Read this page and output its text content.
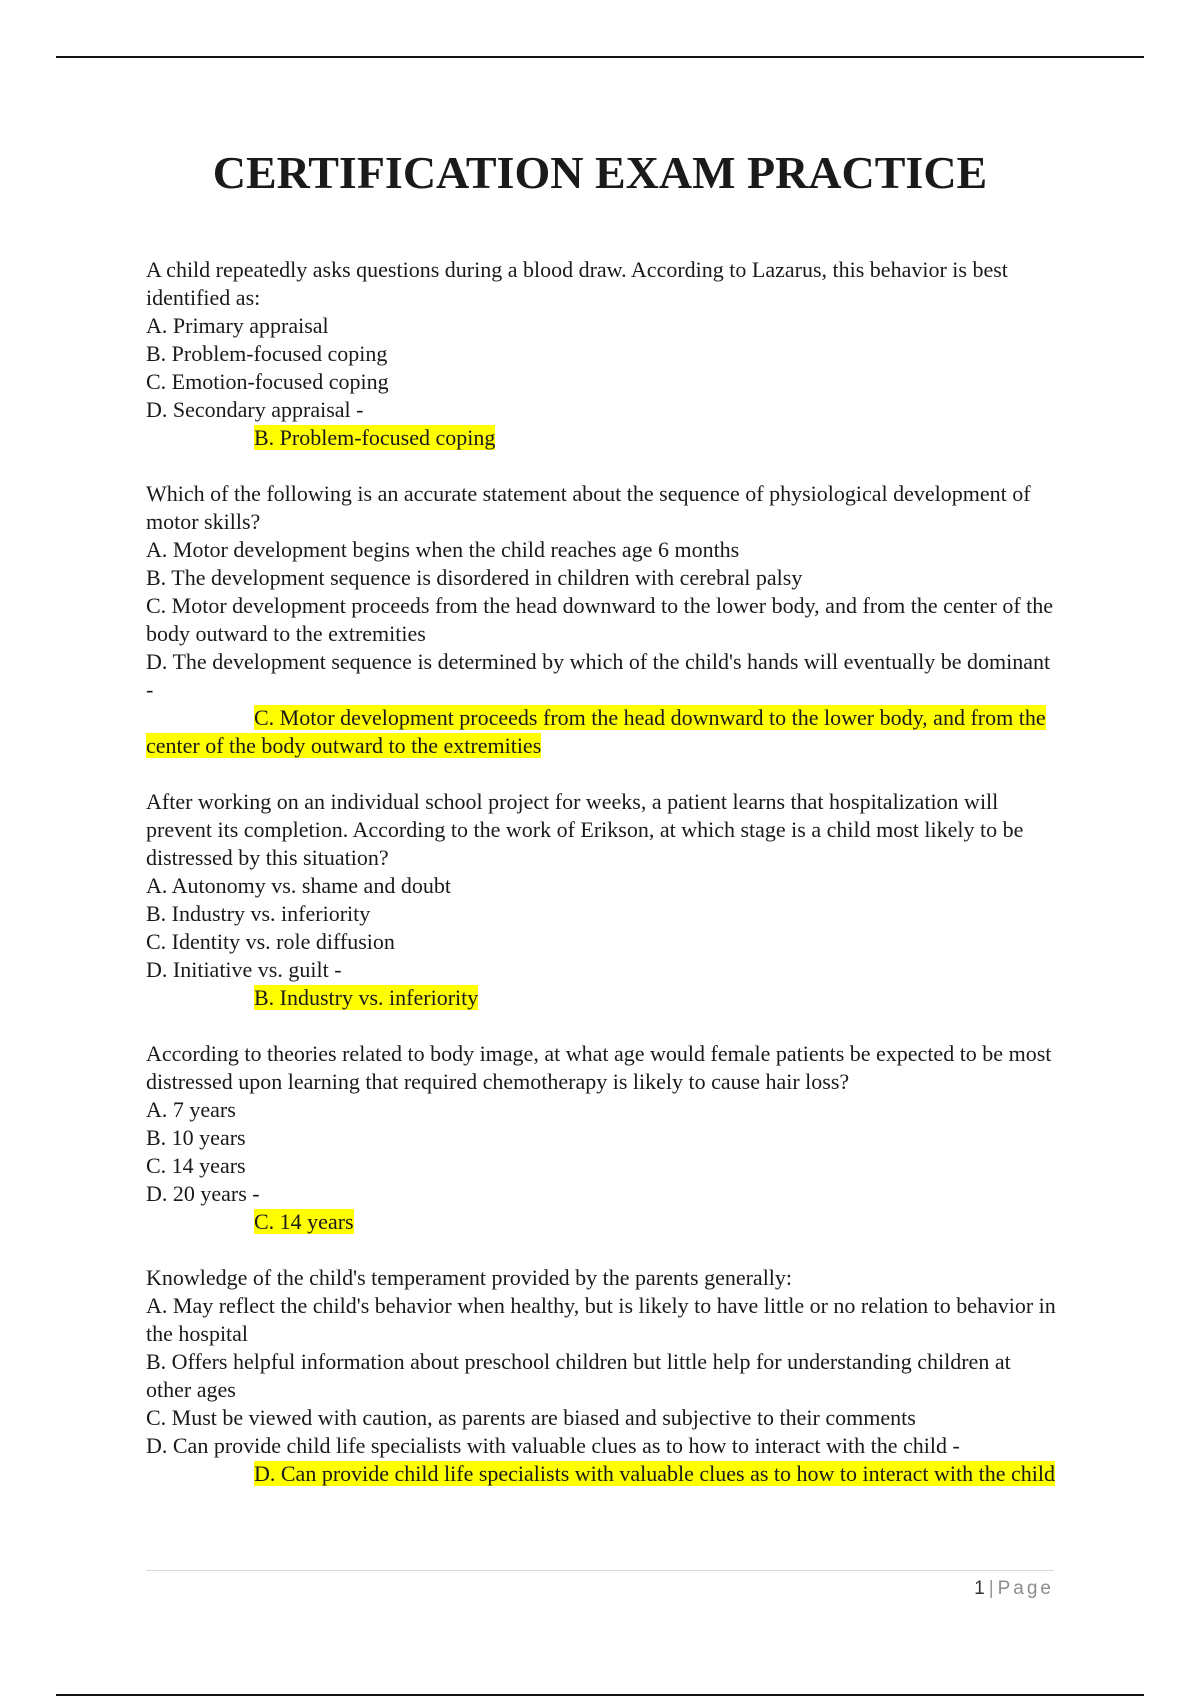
CERTIFICATION EXAM PRACTICE
A child repeatedly asks questions during a blood draw. According to Lazarus, this behavior is best identified as:
A. Primary appraisal
B. Problem-focused coping
C. Emotion-focused coping
D. Secondary appraisal -
B. Problem-focused coping
Which of the following is an accurate statement about the sequence of physiological development of motor skills?
A. Motor development begins when the child reaches age 6 months
B. The development sequence is disordered in children with cerebral palsy
C. Motor development proceeds from the head downward to the lower body, and from the center of the body outward to the extremities
D. The development sequence is determined by which of the child's hands will eventually be dominant -
C. Motor development proceeds from the head downward to the lower body, and from the center of the body outward to the extremities
After working on an individual school project for weeks, a patient learns that hospitalization will prevent its completion. According to the work of Erikson, at which stage is a child most likely to be distressed by this situation?
A. Autonomy vs. shame and doubt
B. Industry vs. inferiority
C. Identity vs. role diffusion
D. Initiative vs. guilt -
B. Industry vs. inferiority
According to theories related to body image, at what age would female patients be expected to be most distressed upon learning that required chemotherapy is likely to cause hair loss?
A. 7 years
B. 10 years
C. 14 years
D. 20 years -
C. 14 years
Knowledge of the child's temperament provided by the parents generally:
A. May reflect the child's behavior when healthy, but is likely to have little or no relation to behavior in the hospital
B. Offers helpful information about preschool children but little help for understanding children at other ages
C. Must be viewed with caution, as parents are biased and subjective to their comments
D. Can provide child life specialists with valuable clues as to how to interact with the child -
D. Can provide child life specialists with valuable clues as to how to interact with the child
1 | Page
